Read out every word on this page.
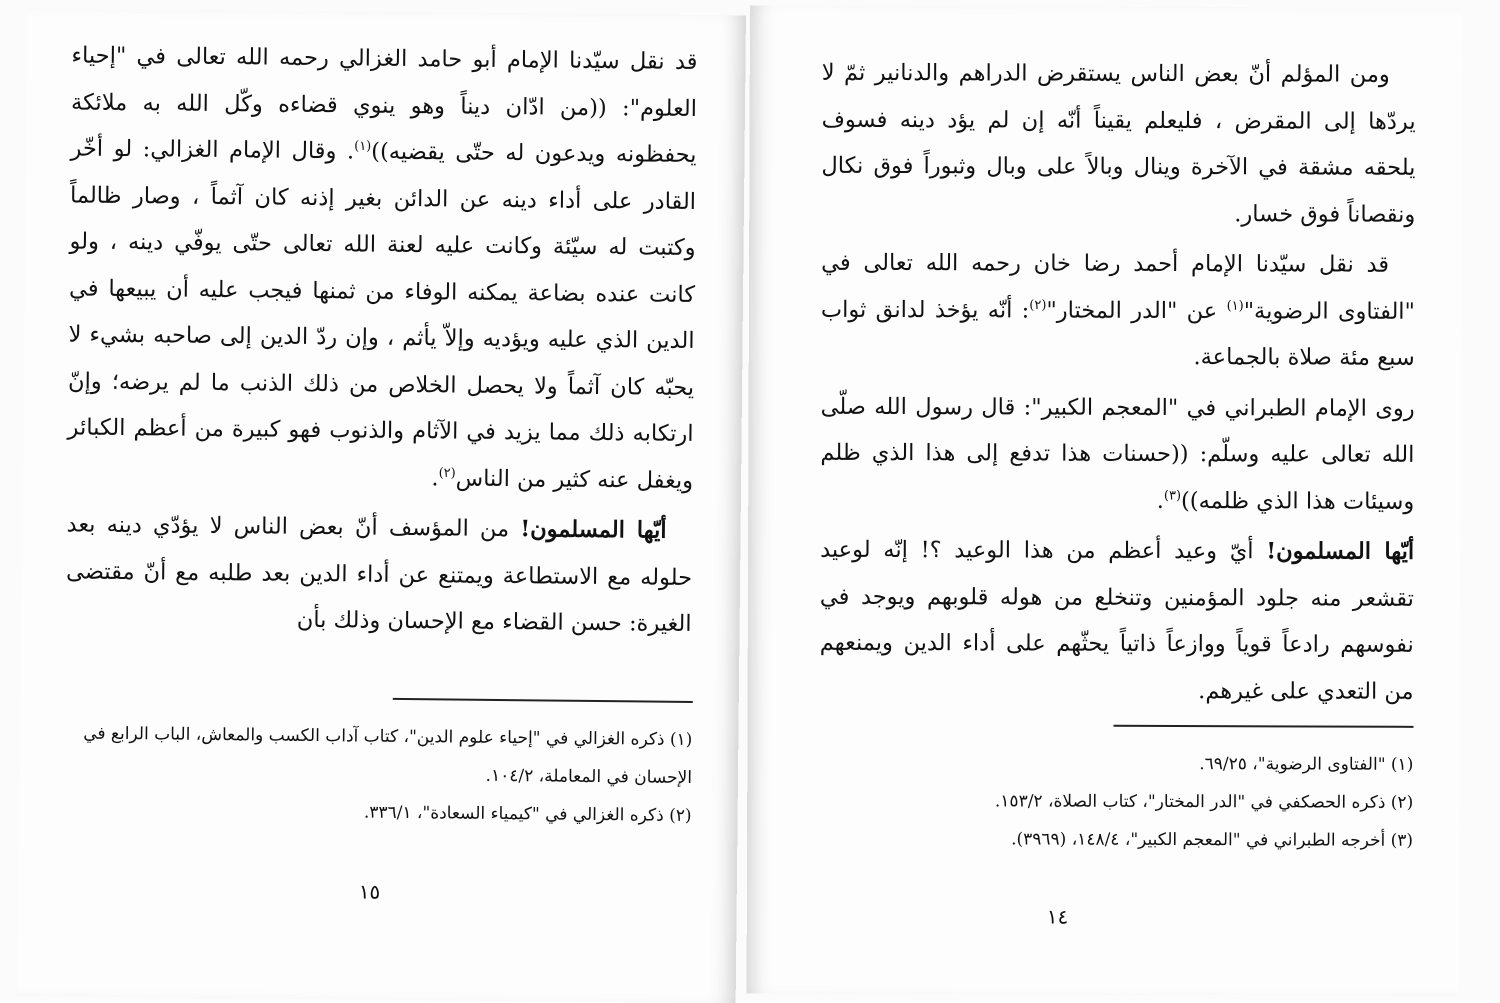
قد نقل سيّدنا الإمام أبو حامد الغزالي رحمه الله تعالى في "إحياء العلوم": ((من ادّان ديناً وهو ينوي قضاءه وكّل الله به ملائكة يحفظونه ويدعون له حتّى يقضيه))$^{(١)}$. وقال الإمام الغزالي: لو أخّر القادر على أداء دينه عن الدائن بغير إذنه كان آثماً ، وصار ظالماً وكتبت له سيّئة وكانت عليه لعنة الله تعالى حتّى يوفّي دينه ، ولو كانت عنده بضاعة يمكنه الوفاء من ثمنها فيجب عليه أن يبيعها في الدين الذي عليه ويؤديه وإلاّ يأثم ، وإن ردّ الدين إلى صاحبه بشيء لا يحبّه كان آثماً ولا يحصل الخلاص من ذلك الذنب ما لم يرضه؛ وإنّ ارتكابه ذلك مما يزيد في الآثام والذنوب فهو كبيرة من أعظم الكبائر ويغفل عنه كثير من الناس$^{(٢)}$.

أيّها المسلمون! من المؤسف أنّ بعض الناس لا يؤدّي دينه بعد حلوله مع الاستطاعة ويمتنع عن أداء الدين بعد طلبه مع أنّ مقتضى الغيرة: حسن القضاء مع الإحسان وذلك بأن

(١) ذكره الغزالي في "إحياء علوم الدين"، كتاب آداب الكسب والمعاش، الباب الرابع في الإحسان في المعاملة، ١٠٤/٢.

(٢) ذكره الغزالي في "كيمياء السعادة"، ٣٣٦/١.

١٥

ومن المؤلم أنّ بعض الناس يستقرض الدراهم والدنانير ثمّ لا يردّها إلى المقرض ، فليعلم يقيناً أنّه إن لم يؤد دينه فسوف يلحقه مشقة في الآخرة وينال وبالاً على وبال وثبوراً فوق نكال ونقصاناً فوق خسار.

قد نقل سيّدنا الإمام أحمد رضا خان رحمه الله تعالى في "الفتاوى الرضوية"$^{(١)}$ عن "الدر المختار"$^{(٢)}$: أنّه يؤخذ لدانق ثواب سبع مئة صلاة بالجماعة.

روى الإمام الطبراني في "المعجم الكبير": قال رسول الله صلّى الله تعالى عليه وسلّم: ((حسنات هذا تدفع إلى هذا الذي ظلم وسيئات هذا الذي ظلمه))$^{(٣)}$.

أيّها المسلمون! أيّ وعيد أعظم من هذا الوعيد ؟! إنّه لوعيد تقشعر منه جلود المؤمنين وتنخلع من هوله قلوبهم ويوجد في نفوسهم رادعاً قوياً ووازعاً ذاتياً يحثّهم على أداء الدين ويمنعهم من التعدي على غيرهم.

(١) "الفتاوى الرضوية"، ٦٩/٢٥.

(٢) ذكره الحصكفي في "الدر المختار"، كتاب الصلاة، ١٥٣/٢.

(٣) أخرجه الطبراني في "المعجم الكبير"، ١٤٨/٤، (٣٩٦٩).

١٤
